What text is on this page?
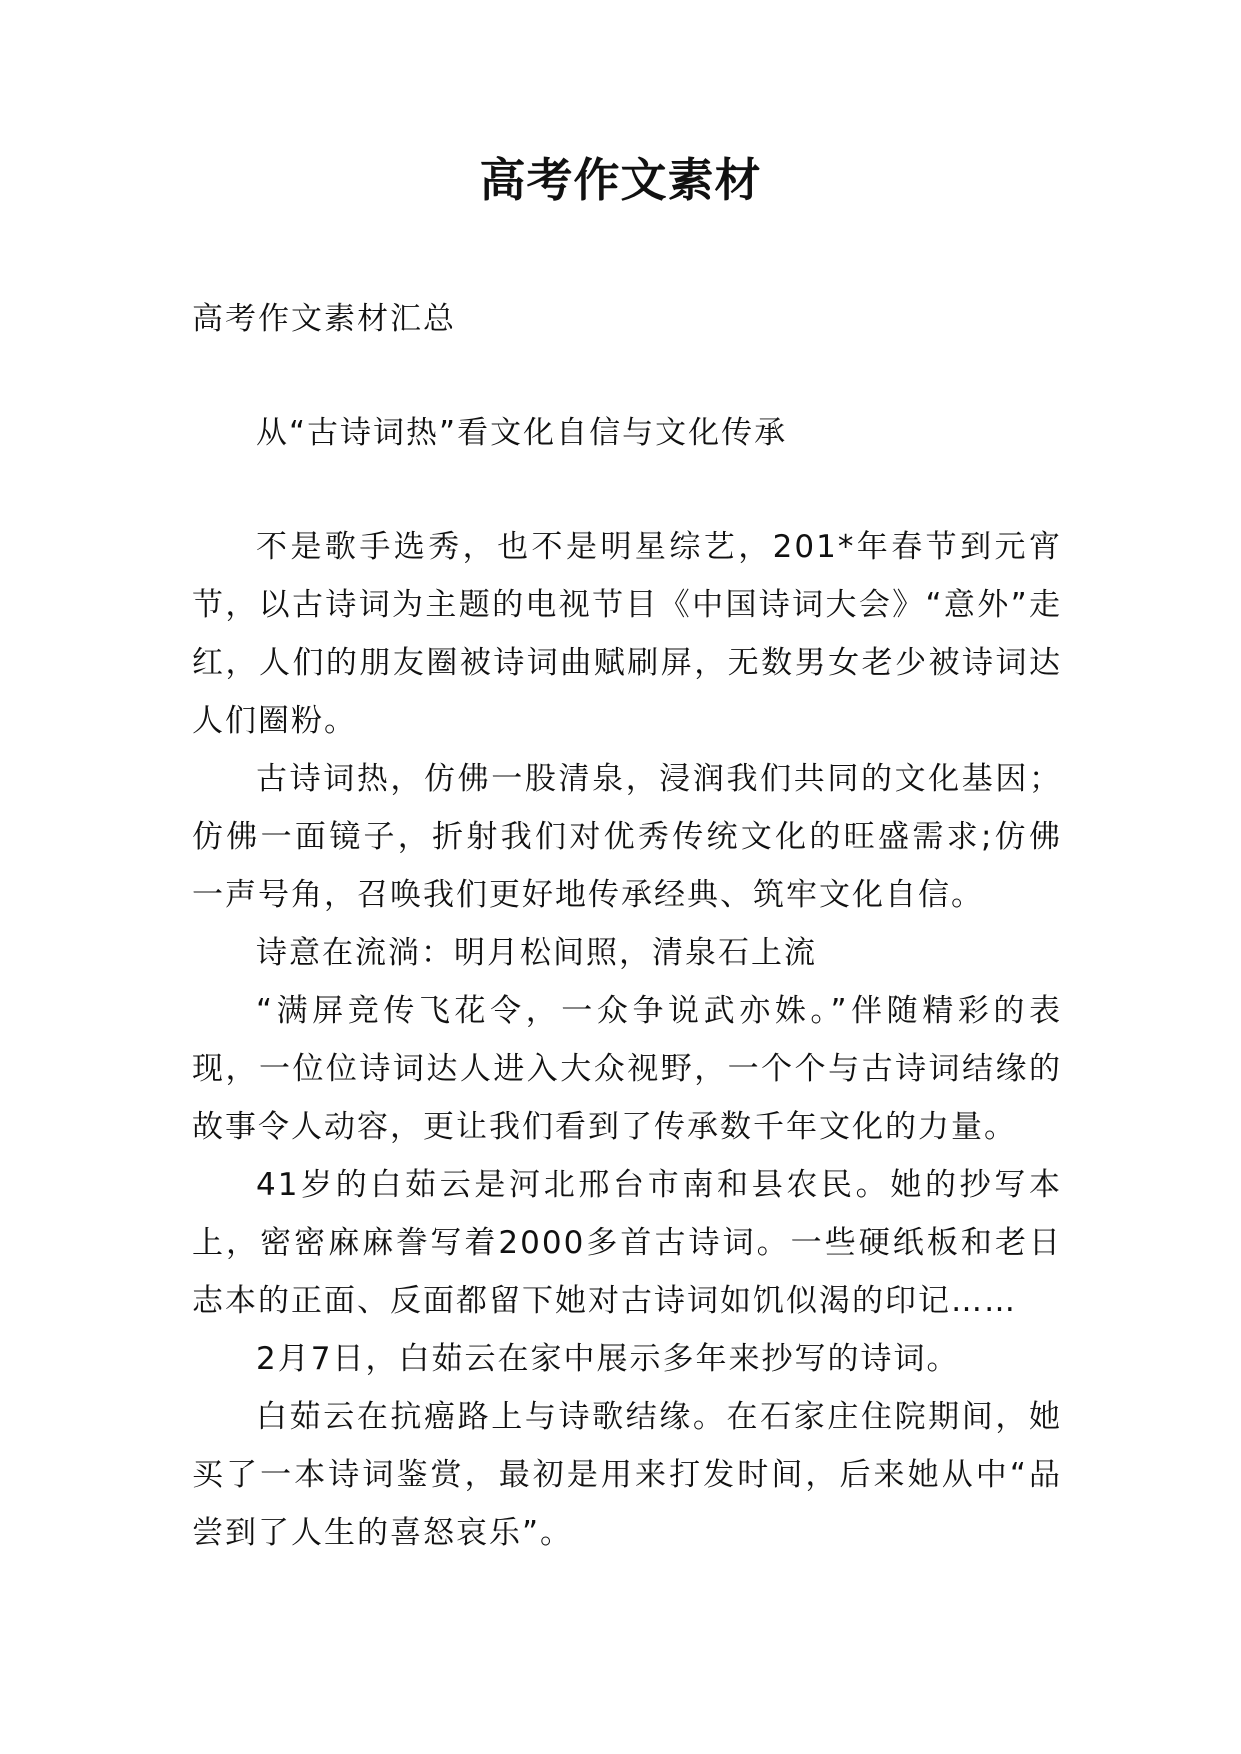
高考作文素材
高考作文素材汇总
从“古诗词热”看文化自信与文化传承

不是歌手选秀，也不是明星综艺，201*年春节到元宵节，以古诗词为主题的电视节目《中国诗词大会》“意外”走红，人们的朋友圈被诗词曲赋刷屏，无数男女老少被诗词达人们圈粉。

古诗词热，仿佛一股清泉，浸润我们共同的文化基因；仿佛一面镜子，折射我们对优秀传统文化的旺盛需求;仿佛一声号角，召唤我们更好地传承经典、筑牢文化自信。

诗意在流淌：明月松间照，清泉石上流

“满屏竞传飞花令，一众争说武亦姝。”伴随精彩的表现，一位位诗词达人进入大众视野，一个个与古诗词结缘的故事令人动容，更让我们看到了传承数千年文化的力量。

41岁的白茹云是河北邢台市南和县农民。她的抄写本上，密密麻麻誊写着2000多首古诗词。一些硬纸板和老日志本的正面、反面都留下她对古诗词如饥似渴的印记……

2月7日，白茹云在家中展示多年来抄写的诗词。

白茹云在抗癌路上与诗歌结缘。在石家庄住院期间，她买了一本诗词鉴赏，最初是用来打发时间，后来她从中“品尝到了人生的喜怒哀乐”。
